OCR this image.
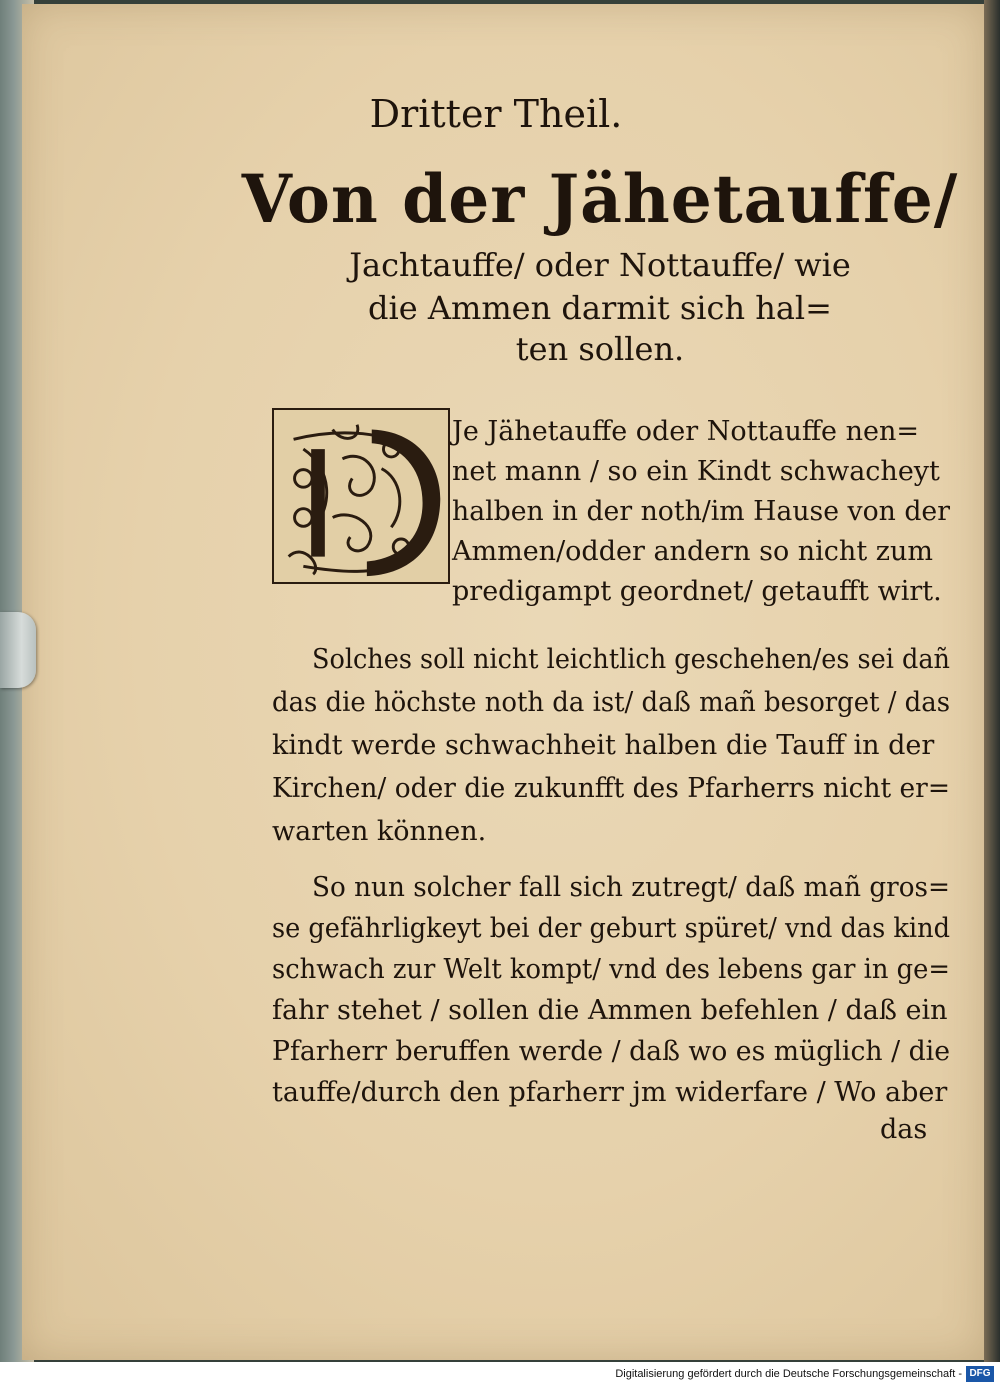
Dritter Theil.
Von der Jähetauffe/
Jachtauffe/ oder Nottauffe/ wie
die Ammen darmit sich hal=
ten sollen.
Je Jähetauffe oder Nottauffe nen=
net mann / so ein Kindt schwacheyt
halben in der noth/im Hause von der
Ammen/odder andern so nicht zum
predigampt geordnet/ getaufft wirt.
Solches soll nicht leichtlich geschehen/es sei dañ
das die höchste noth da ist/ daß mañ besorget / das
kindt werde schwachheit halben die Tauff in der
Kirchen/ oder die zukunfft des Pfarherrs nicht er=
warten können.
So nun solcher fall sich zutregt/ daß mañ gros=
se gefährligkeyt bei der geburt spüret/ vnd das kind
schwach zur Welt kompt/ vnd des lebens gar in ge=
fahr stehet / sollen die Ammen befehlen / daß ein
Pfarherr beruffen werde / daß wo es müglich / die
tauffe/durch den pfarherr jm widerfare / Wo aber
das
Digitalisierung gefördert durch die Deutsche Forschungsgemeinschaft - DFG
